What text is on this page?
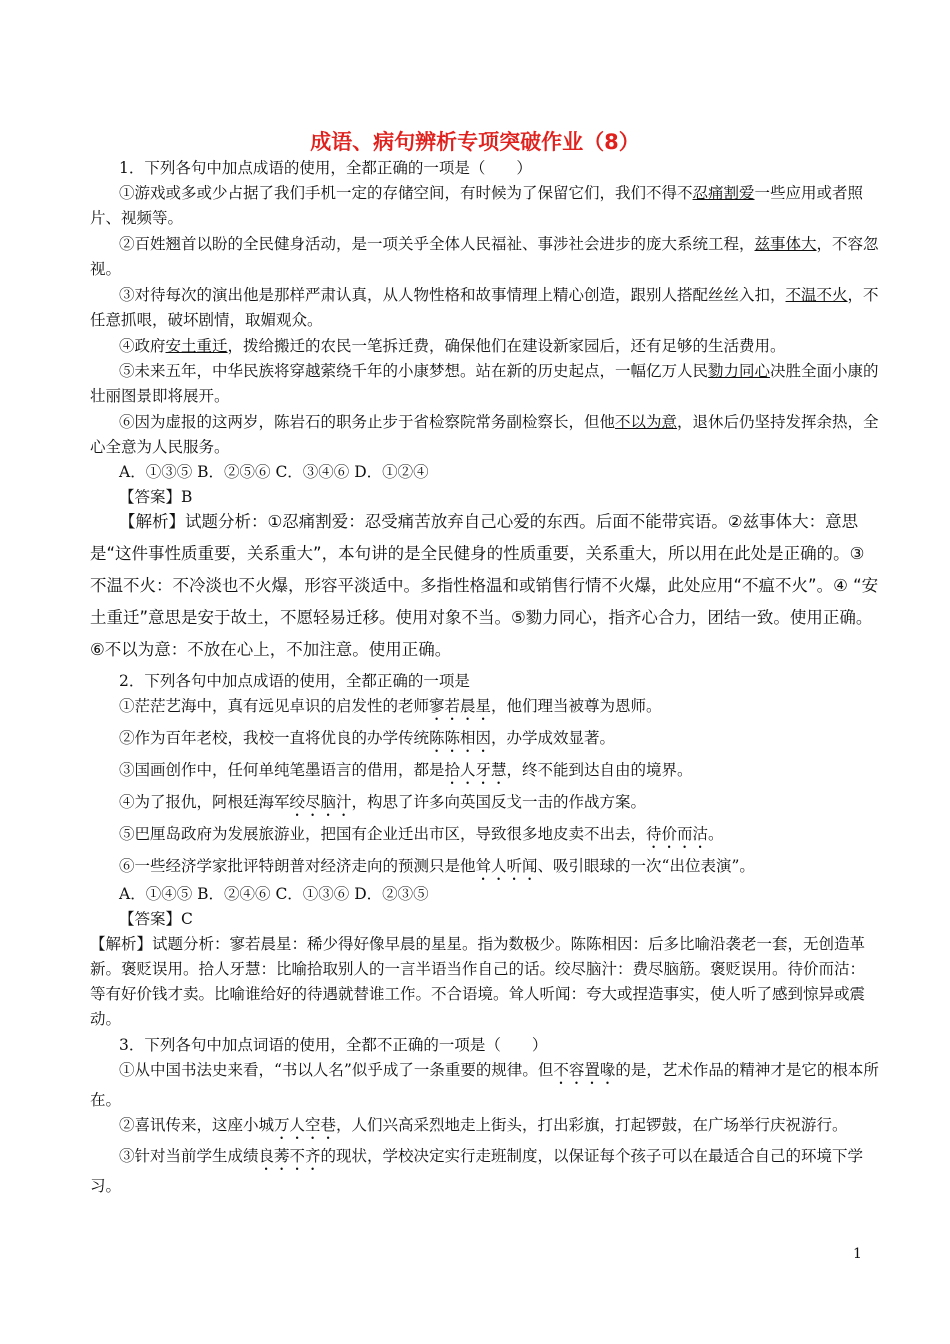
成语、病句辨析专项突破作业（8）
1．下列各句中加点成语的使用，全都正确的一项是（　　）
①游戏或多或少占据了我们手机一定的存储空间，有时候为了保留它们，我们不得不忍痛割爱一些应用或者照片、视频等。
②百姓翘首以盼的全民健身活动，是一项关乎全体人民福祉、事涉社会进步的庞大系统工程，兹事体大，不容忽视。
③对待每次的演出他是那样严肃认真，从人物性格和故事情理上精心创造，跟别人搭配丝丝入扣，不温不火，不任意抓哏，破坏剧情，取媚观众。
④政府安土重迁，拨给搬迁的农民一笔拆迁费，确保他们在建设新家园后，还有足够的生活费用。
⑤未来五年，中华民族将穿越萦绕千年的小康梦想。站在新的历史起点，一幅亿万人民勠力同心决胜全面小康的壮丽图景即将展开。
⑥因为虚报的这两岁，陈岩石的职务止步于省检察院常务副检察长，但他不以为意，退休后仍坚持发挥余热，全心全意为人民服务。
A．①③⑤ B．②⑤⑥ C．③④⑥ D．①②④
【答案】B
【解析】试题分析：①忍痛割爱：忍受痛苦放弃自己心爱的东西。后面不能带宾语。②兹事体大：意思是“这件事性质重要，关系重大”，本句讲的是全民健身的性质重要，关系重大，所以用在此处是正确的。③不温不火：不冷淡也不火爆，形容平淡适中。多指性格温和或销售行情不火爆，此处应用“不瘟不火”。④ “安土重迁”意思是安于故土，不愿轻易迁移。使用对象不当。⑤勠力同心，指齐心合力，团结一致。使用正确。⑥不以为意：不放在心上，不加注意。使用正确。
2．下列各句中加点成语的使用，全都正确的一项是
①茫茫艺海中，真有远见卓识的启发性的老师寥若晨星，他们理当被尊为恩师。
②作为百年老校，我校一直将优良的办学传统陈陈相因，办学成效显著。
③国画创作中，任何单纯笔墨语言的借用，都是拾人牙慧，终不能到达自由的境界。
④为了报仇，阿根廷海军绞尽脑汁，构思了许多向英国反戈一击的作战方案。
⑤巴厘岛政府为发展旅游业，把国有企业迁出市区，导致很多地皮卖不出去，待价而沽。
⑥一些经济学家批评特朗普对经济走向的预测只是他耸人听闻、吸引眼球的一次“出位表演”。
A．①④⑤ B．②④⑥ C．①③⑥ D．②③⑤
【答案】C
【解析】试题分析：寥若晨星：稀少得好像早晨的星星。指为数极少。陈陈相因：后多比喻沿袭老一套，无创造革新。褒贬误用。拾人牙慧：比喻拾取别人的一言半语当作自己的话。绞尽脑汁：费尽脑筋。褒贬误用。待价而沽：等有好价钱才卖。比喻谁给好的待遇就替谁工作。不合语境。耸人听闻：夸大或捏造事实，使人听了感到惊异或震动。
3．下列各句中加点词语的使用，全都不正确的一项是（　　）
①从中国书法史来看，“书以人名”似乎成了一条重要的规律。但不容置喙的是，艺术作品的精神才是它的根本所在。
②喜讯传来，这座小城万人空巷，人们兴高采烈地走上街头，打出彩旗，打起锣鼓，在广场举行庆祝游行。
③针对当前学生成绩良莠不齐的现状，学校决定实行走班制度，以保证每个孩子可以在最适合自己的环境下学习。
1
